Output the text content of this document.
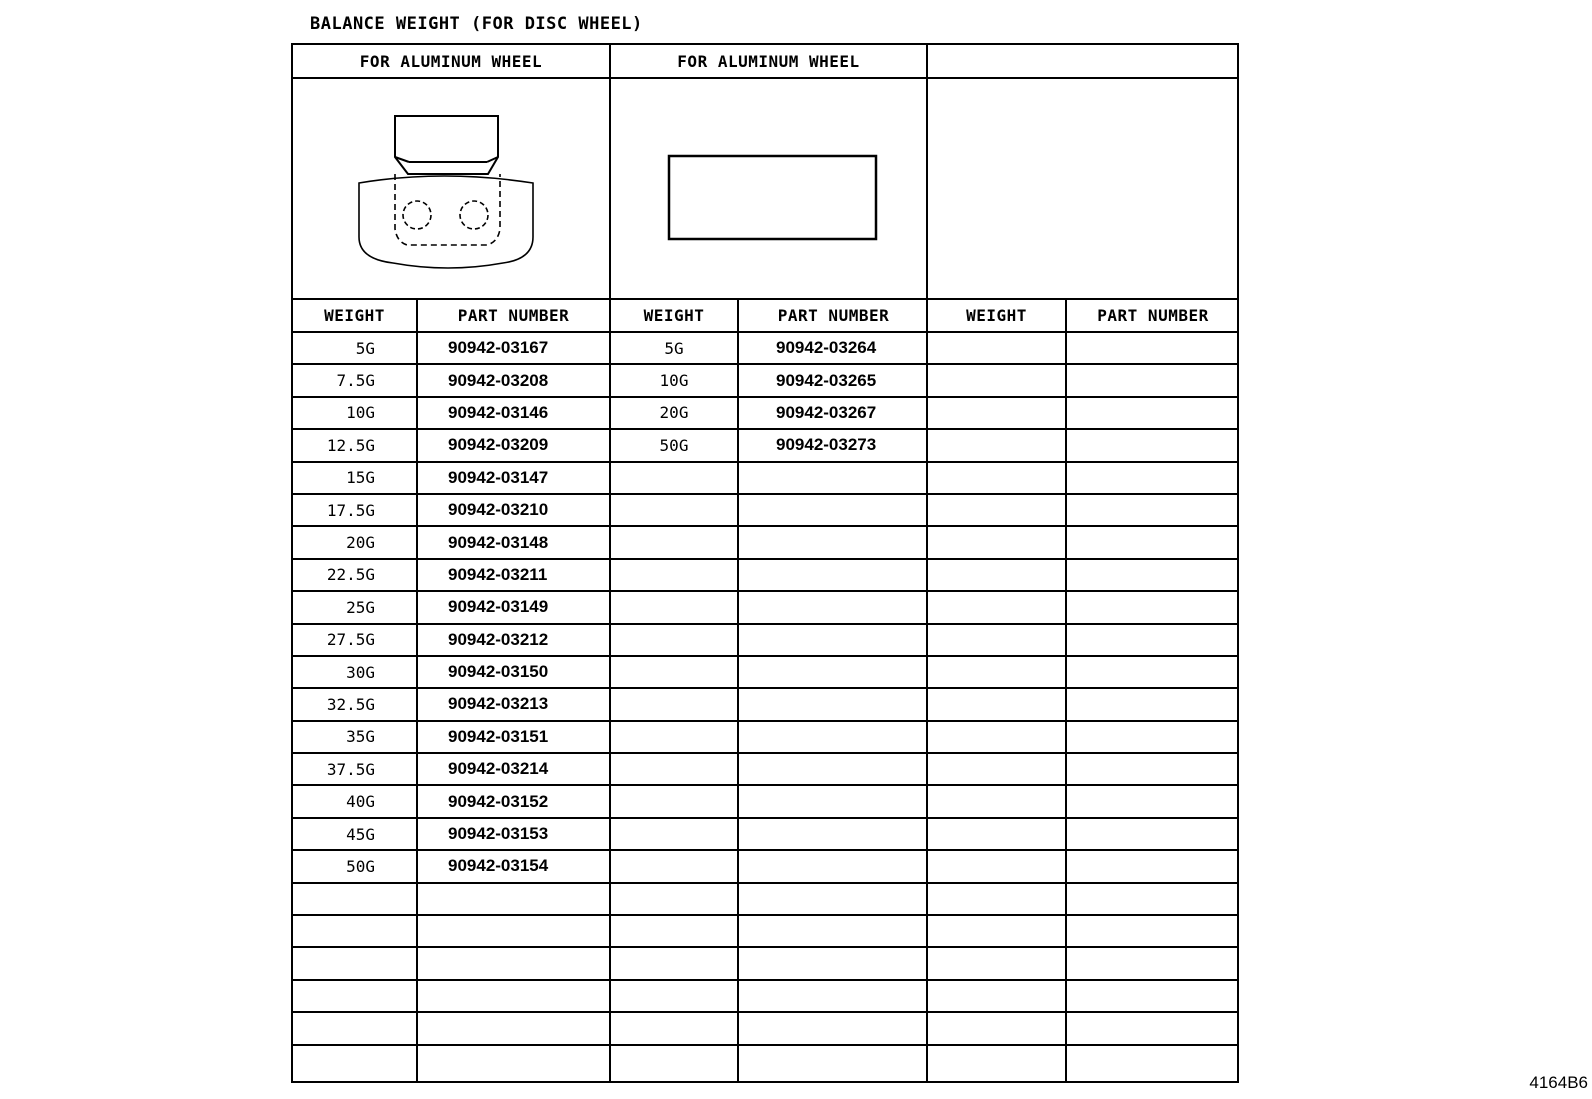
BALANCE WEIGHT (FOR DISC WHEEL)
FOR ALUMINUM WHEEL
WEIGHT	PART NUMBER
5G	90942-03167
7.5G	90942-03208
10G	90942-03146
12.5G	90942-03209
15G	90942-03147
17.5G	90942-03210
20G	90942-03148
22.5G	90942-03211
25G	90942-03149
27.5G	90942-03212
30G	90942-03150
32.5G	90942-03213
35G	90942-03151
37.5G	90942-03214
40G	90942-03152
45G	90942-03153
50G	90942-03154
FOR ALUMINUM WHEEL
WEIGHT	PART NUMBER
5G	90942-03264
10G	90942-03265
20G	90942-03267
50G	90942-03273
WEIGHT	PART NUMBER
4164B6
